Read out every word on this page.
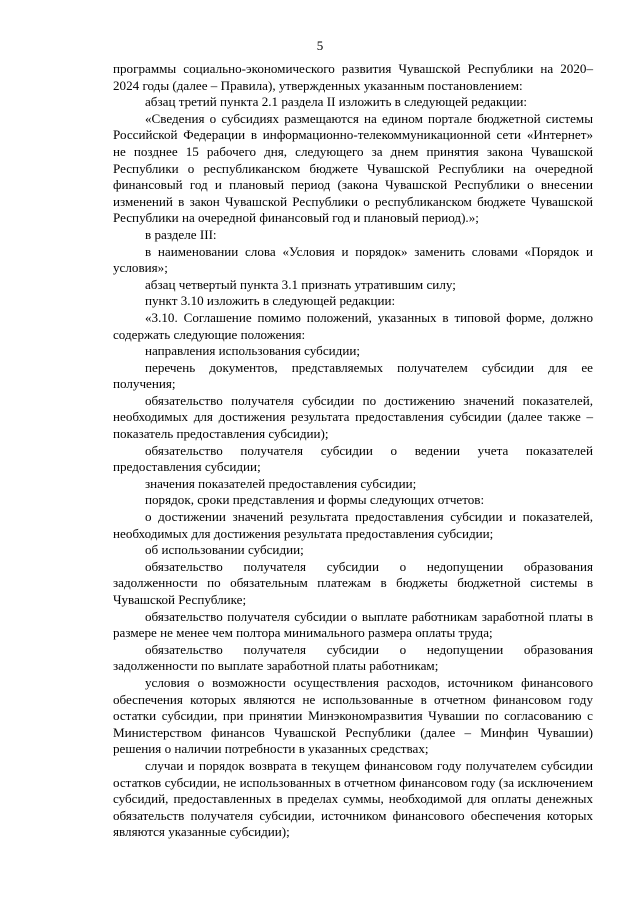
5

программы социально-экономического развития Чувашской Республики на 2020–2024 годы (далее – Правила), утвержденных указанным постановлением:

абзац третий пункта 2.1 раздела II изложить в следующей редакции:

«Сведения о субсидиях размещаются на едином портале бюджетной системы Российской Федерации в информационно-телекоммуникационной сети «Интернет» не позднее 15 рабочего дня, следующего за днем принятия закона Чувашской Республики о республиканском бюджете Чувашской Республики на очередной финансовый год и плановый период (закона Чувашской Республики о внесении изменений в закон Чувашской Республики о республиканском бюджете Чувашской Республики на очередной финансовый год и плановый период).»;

в разделе III:

в наименовании слова «Условия и порядок» заменить словами «Порядок и условия»;

абзац четвертый пункта 3.1 признать утратившим силу;

пункт 3.10 изложить в следующей редакции:

«3.10. Соглашение помимо положений, указанных в типовой форме, должно содержать следующие положения:

направления использования субсидии;

перечень документов, представляемых получателем субсидии для ее получения;

обязательство получателя субсидии по достижению значений показателей, необходимых для достижения результата предоставления субсидии (далее также – показатель предоставления субсидии);

обязательство получателя субсидии о ведении учета показателей предоставления субсидии;

значения показателей предоставления субсидии;

порядок, сроки представления и формы следующих отчетов:

о достижении значений результата предоставления субсидии и показателей, необходимых для достижения результата предоставления субсидии;

об использовании субсидии;

обязательство получателя субсидии о недопущении образования задолженности по обязательным платежам в бюджеты бюджетной системы в Чувашской Республике;

обязательство получателя субсидии о выплате работникам заработной платы в размере не менее чем полтора минимального размера оплаты труда;

обязательство получателя субсидии о недопущении образования задолженности по выплате заработной платы работникам;

условия о возможности осуществления расходов, источником финансового обеспечения которых являются не использованные в отчетном финансовом году остатки субсидии, при принятии Минэкономразвития Чувашии по согласованию с Министерством финансов Чувашской Республики (далее – Минфин Чувашии) решения о наличии потребности в указанных средствах;

случаи и порядок возврата в текущем финансовом году получателем субсидии остатков субсидии, не использованных в отчетном финансовом году (за исключением субсидий, предоставленных в пределах суммы, необходимой для оплаты денежных обязательств получателя субсидии, источником финансового обеспечения которых являются указанные субсидии);
